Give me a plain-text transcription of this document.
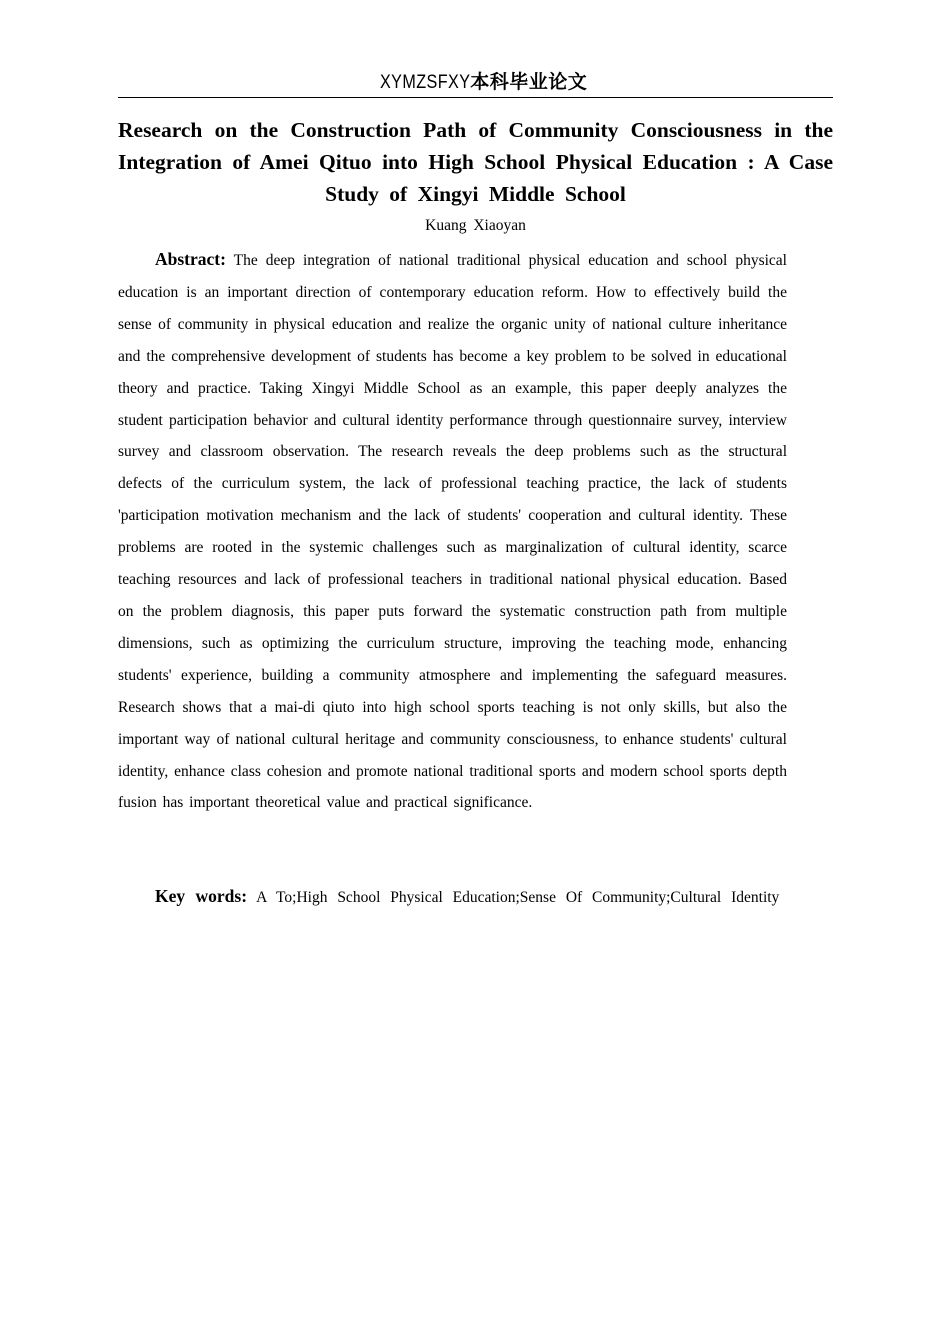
XYMZSFXY本科毕业论文
Research on the Construction Path of Community Consciousness in the Integration of Amei Qituo into High School Physical Education : A Case Study of Xingyi Middle School

Kuang Xiaoyan

Abstract: The deep integration of national traditional physical education and school physical education is an important direction of contemporary education reform. How to effectively build the sense of community in physical education and realize the organic unity of national culture inheritance and the comprehensive development of students has become a key problem to be solved in educational theory and practice. Taking Xingyi Middle School as an example, this paper deeply analyzes the student participation behavior and cultural identity performance through questionnaire survey, interview survey and classroom observation. The research reveals the deep problems such as the structural defects of the curriculum system, the lack of professional teaching practice, the lack of students 'participation motivation mechanism and the lack of students' cooperation and cultural identity. These problems are rooted in the systemic challenges such as marginalization of cultural identity, scarce teaching resources and lack of professional teachers in traditional national physical education. Based on the problem diagnosis, this paper puts forward the systematic construction path from multiple dimensions, such as optimizing the curriculum structure, improving the teaching mode, enhancing students' experience, building a community atmosphere and implementing the safeguard measures. Research shows that a mai-di qiuto into high school sports teaching is not only skills, but also the important way of national cultural heritage and community consciousness, to enhance students' cultural identity, enhance class cohesion and promote national traditional sports and modern school sports depth fusion has important theoretical value and practical significance.

Key words: A To;High School Physical Education;Sense Of Community;Cultural Identity
